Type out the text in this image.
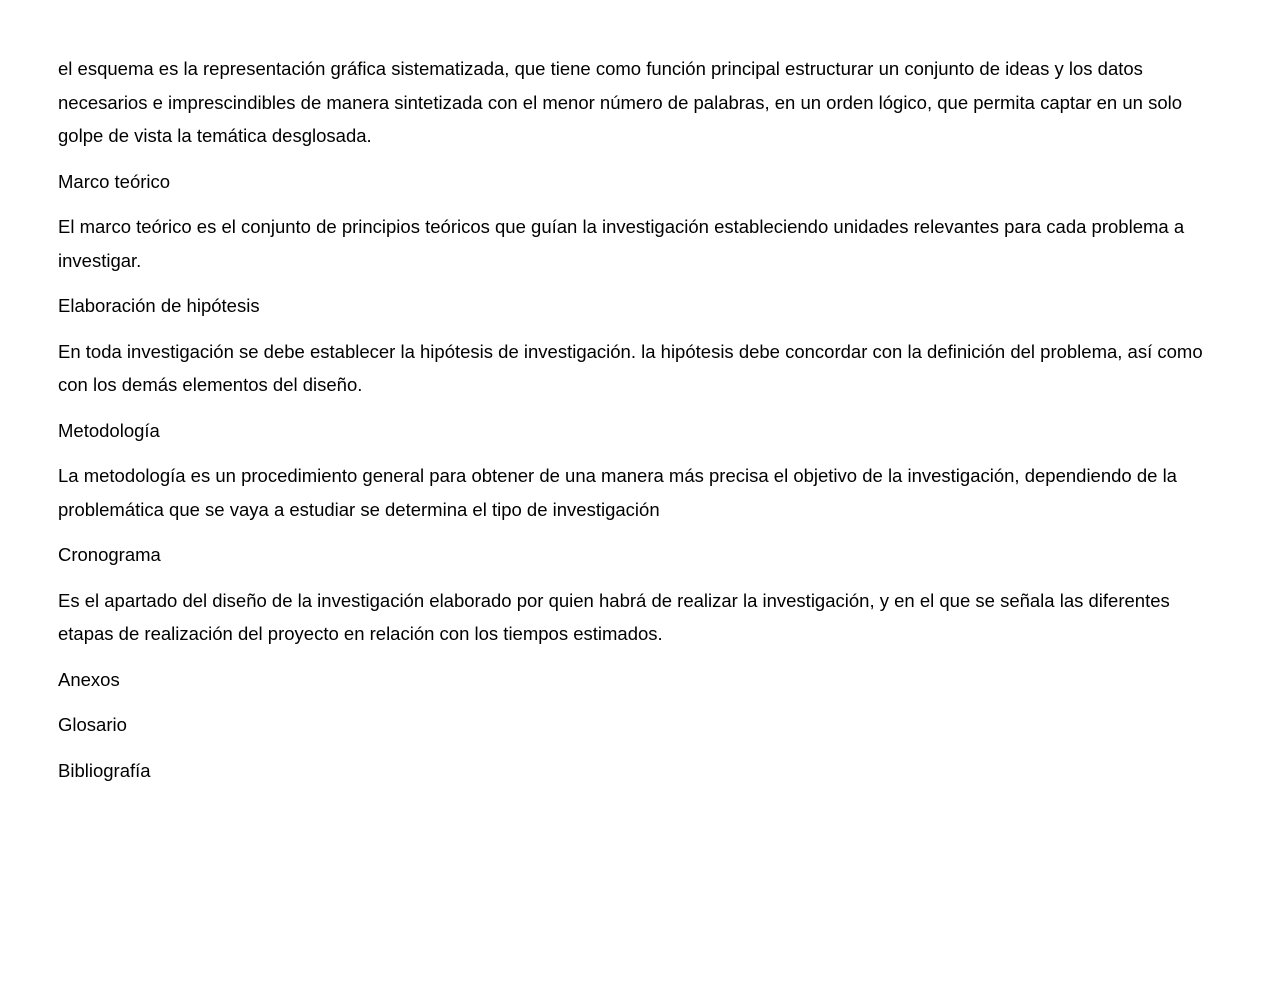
el esquema es la representación gráfica sistematizada, que tiene como función principal estructurar un conjunto de ideas y los datos necesarios e imprescindibles de manera sintetizada con el menor número de palabras, en un orden lógico, que permita captar en un solo golpe de vista la temática desglosada.

Marco teórico

El marco teórico es el conjunto de principios teóricos que guían la investigación estableciendo unidades relevantes para cada problema a investigar.

Elaboración de hipótesis

En toda investigación se debe establecer la hipótesis de investigación. la hipótesis debe concordar con la definición del problema, así como con los demás elementos del diseño.

Metodología

La metodología es un procedimiento general para obtener de una manera más precisa el objetivo de la investigación, dependiendo de la problemática que se vaya a estudiar se determina el tipo de investigación

Cronograma

Es el apartado del diseño de la investigación elaborado por quien habrá de realizar la investigación, y en el que se señala las diferentes etapas de realización del proyecto en relación con los tiempos estimados.

Anexos

Glosario

Bibliografía
